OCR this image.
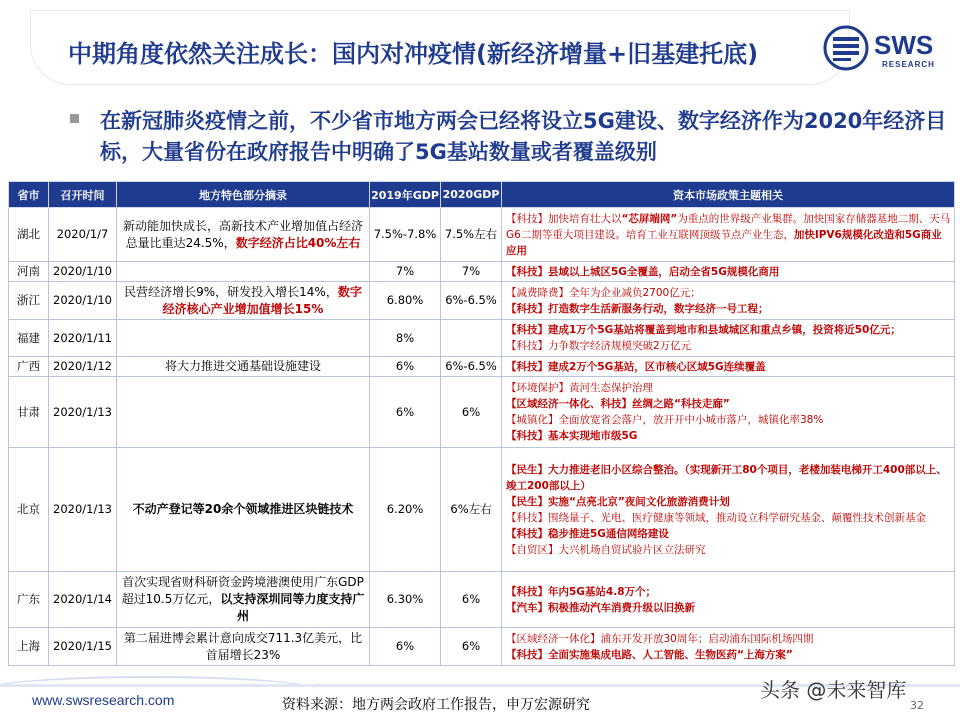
中期角度依然关注成长：国内对冲疫情(新经济增量+旧基建托底)	SWS
RESEARCH
在新冠肺炎疫情之前，不少省市地方两会已经将设立5G建设、数字经济作为2020年经济目标，大量省份在政府报告中明确了5G基站数量或者覆盖级别
省市	召开时间	地方特色部分摘录	2019年GDP	2020GDP	资本市场政策主题相关
湖北	2020/1/7	新动能加快成长，高新技术产业增加值占经济总量比重达24.5%，数字经济占比40%左右	7.5%-7.8%	7.5%左右	【科技】加快培育壮大以“芯屏端网”为重点的世界级产业集群。加快国家存储器基地二期、天马G6二期等重大项目建设。培育工业互联网顶级节点产业生态，加快IPV6规模化改造和5G商业应用
河南	2020/1/10		7%	7%	【科技】县域以上城区5G全覆盖，启动全省5G规模化商用

浙江	2020/1/10	民营经济增长9%，研发投入增长14%，数字经济核心产业增加值增长15%	6.80%	6%-6.5%	【减费降费】全年为企业减负2700亿元；
【科技】打造数字生活新服务行动，数字经济一号工程；

福建	2020/1/11		8%		【科技】建成1万个5G基站将覆盖到地市和县域城区和重点乡镇，投资将近50亿元；
【科技】力争数字经济规模突破2万亿元

广西	2020/1/12	将大力推进交通基础设施建设	6%	6%-6.5%	【科技】建成2万个5G基站，区市核心区域5G连续覆盖

甘肃	2020/1/13		6%	6%	【环境保护】黄河生态保护治理
【区域经济一体化、科技】丝绸之路“科技走廊”
【城镇化】全面放宽省会落户，放开开中小城市落户，城镇化率38%
【科技】基本实现地市级5G

北京	2020/1/13	不动产登记等20余个领域推进区块链技术	6.20%	6%左右	【民生】大力推进老旧小区综合整治。（实现新开工80个项目，老楼加装电梯开工400部以上、竣工200部以上）
【民生】实施“点亮北京”夜间文化旅游消费计划
【科技】围绕量子、光电、医疗健康等领域，推动设立科学研究基金、颠覆性技术创新基金
【科技】稳步推进5G通信网络建设
【自贸区】大兴机场自贸试验片区立法研究

广东	2020/1/14	首次实现省财科研资金跨境港澳使用广东GDP超过10.5万亿元，以支持深圳同等力度支持广州	6.30%	6%	【科技】年内5G基站4.8万个；
【汽车】积极推动汽车消费升级以旧换新

上海	2020/1/15	第二届进博会累计意向成交711.3亿美元，比首届增长23%	6%	6%	【区域经济一体化】浦东开发开放30周年；启动浦东国际机场四期
【科技】全面实施集成电路、人工智能、生物医药“上海方案”
www.swsresearch.com	资料来源：地方两会政府工作报告，申万宏源研究
头条 @未来智库
32
